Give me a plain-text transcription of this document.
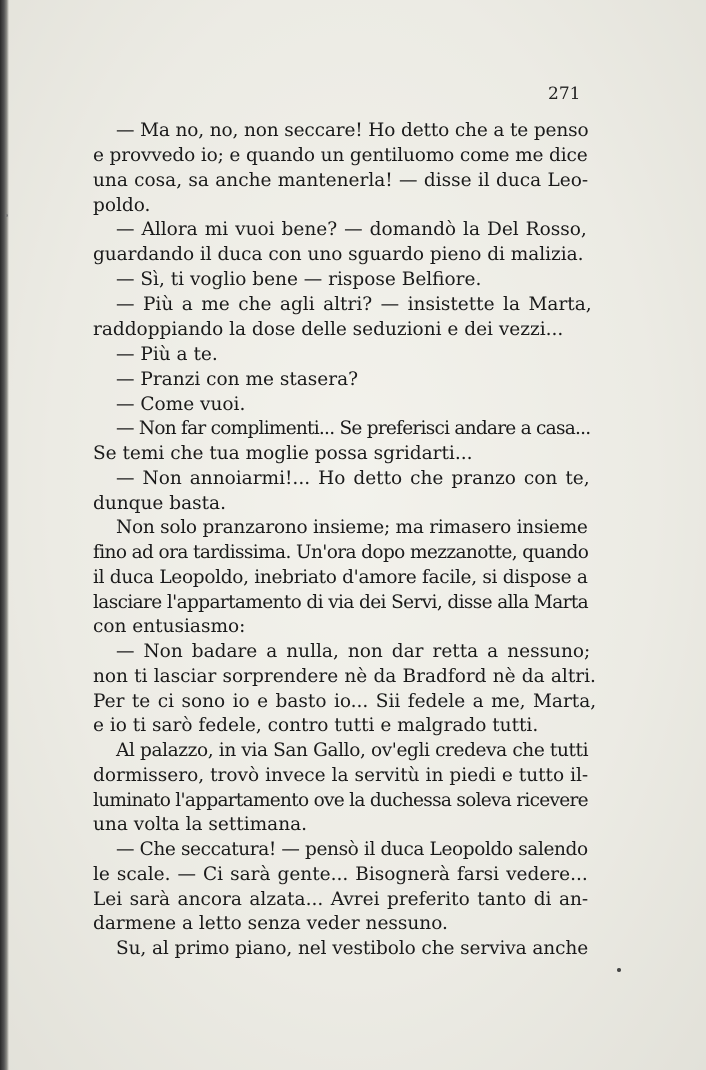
271
— Ma no, no, non seccare! Ho detto che a te penso
e provvedo io; e quando un gentiluomo come me dice
una cosa, sa anche mantenerla! — disse il duca Leo-
poldo.
— Allora mi vuoi bene? — domandò la Del Rosso,
guardando il duca con uno sguardo pieno di malizia.
— Sì, ti voglio bene — rispose Belfiore.
— Più a me che agli altri? — insistette la Marta,
raddoppiando la dose delle seduzioni e dei vezzi...
— Più a te.
— Pranzi con me stasera?
— Come vuoi.
— Non far complimenti... Se preferisci andare a casa...
Se temi che tua moglie possa sgridarti...
— Non annoiarmi!... Ho detto che pranzo con te,
dunque basta.
Non solo pranzarono insieme; ma rimasero insieme
fino ad ora tardissima. Un'ora dopo mezzanotte, quando
il duca Leopoldo, inebriato d'amore facile, si dispose a
lasciare l'appartamento di via dei Servi, disse alla Marta
con entusiasmo:
— Non badare a nulla, non dar retta a nessuno;
non ti lasciar sorprendere nè da Bradford nè da altri.
Per te ci sono io e basto io... Sii fedele a me, Marta,
e io ti sarò fedele, contro tutti e malgrado tutti.
Al palazzo, in via San Gallo, ov'egli credeva che tutti
dormissero, trovò invece la servitù in piedi e tutto il-
luminato l'appartamento ove la duchessa soleva ricevere
una volta la settimana.
— Che seccatura! — pensò il duca Leopoldo salendo
le scale. — Ci sarà gente... Bisognerà farsi vedere...
Lei sarà ancora alzata... Avrei preferito tanto di an-
darmene a letto senza veder nessuno.
Su, al primo piano, nel vestibolo che serviva anche
